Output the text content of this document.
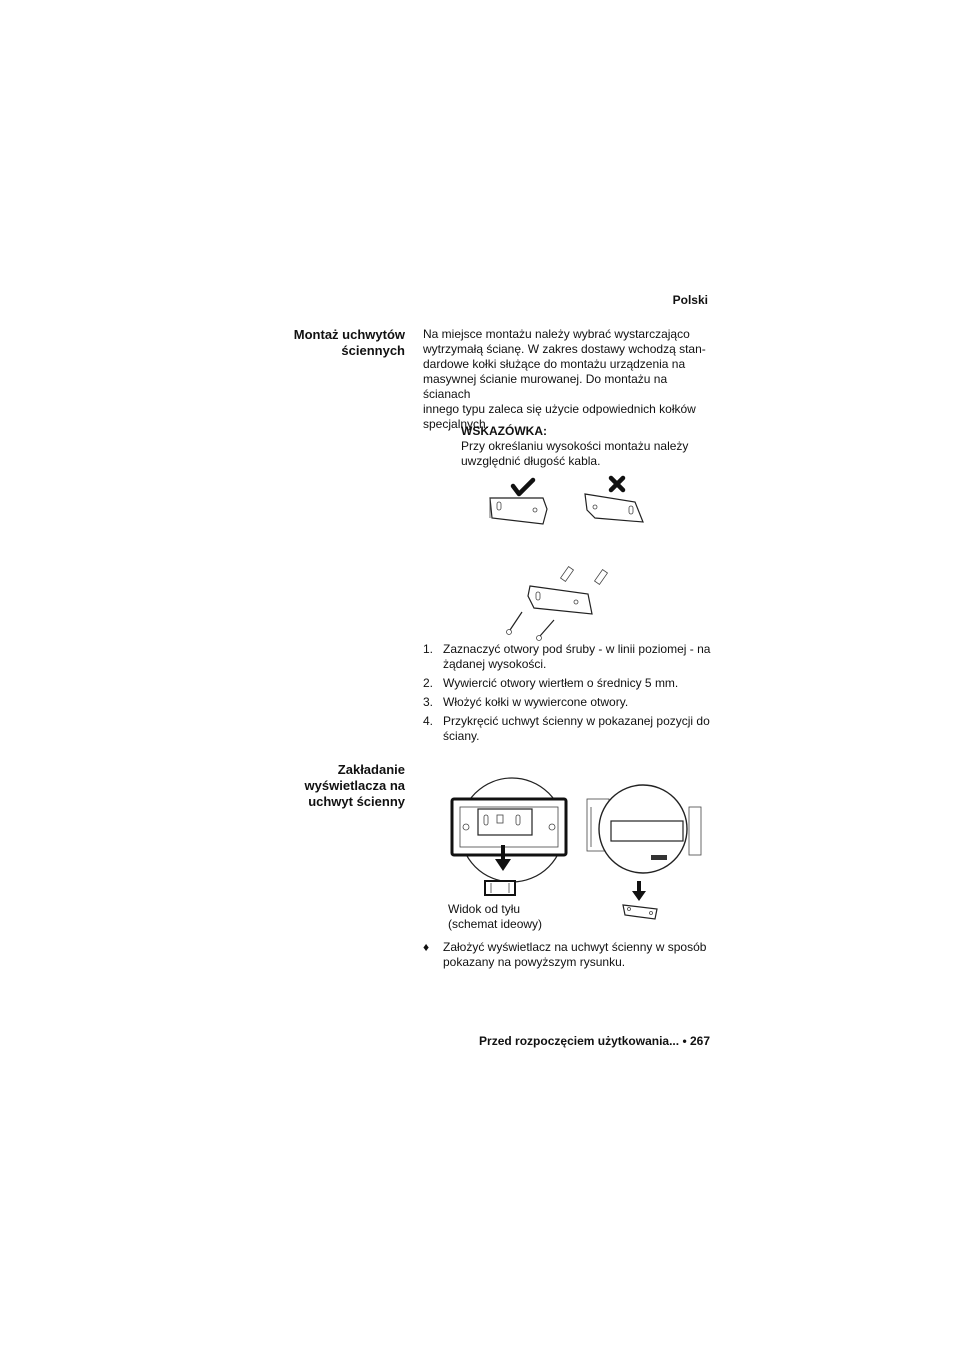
Polski
Montaż uchwytów
ściennych
Na miejsce montażu należy wybrać wystarczająco
wytrzymałą ścianę. W zakres dostawy wchodzą stan-
dardowe kołki służące do montażu urządzenia na
masywnej ścianie murowanej. Do montażu na ścianach
innego typu zaleca się użycie odpowiednich kołków
specjalnych.
WSKAZÓWKA:
Przy określaniu wysokości montażu należy
uwzględnić długość kabla.
1. Zaznaczyć otwory pod śruby - w linii poziomej - na
żądanej wysokości.
2. Wywiercić otwory wiertłem o średnicy 5 mm.
3. Włożyć kołki w wywiercone otwory.
4. Przykręcić uchwyt ścienny w pokazanej pozycji do
ściany.
Zakładanie
wyświetlacza na
uchwyt ścienny
Widok od tyłu
(schemat ideowy)
♦	Założyć wyświetlacz na uchwyt ścienny w sposób
pokazany na powyższym rysunku.
Przed rozpoczęciem użytkowania... • 267
